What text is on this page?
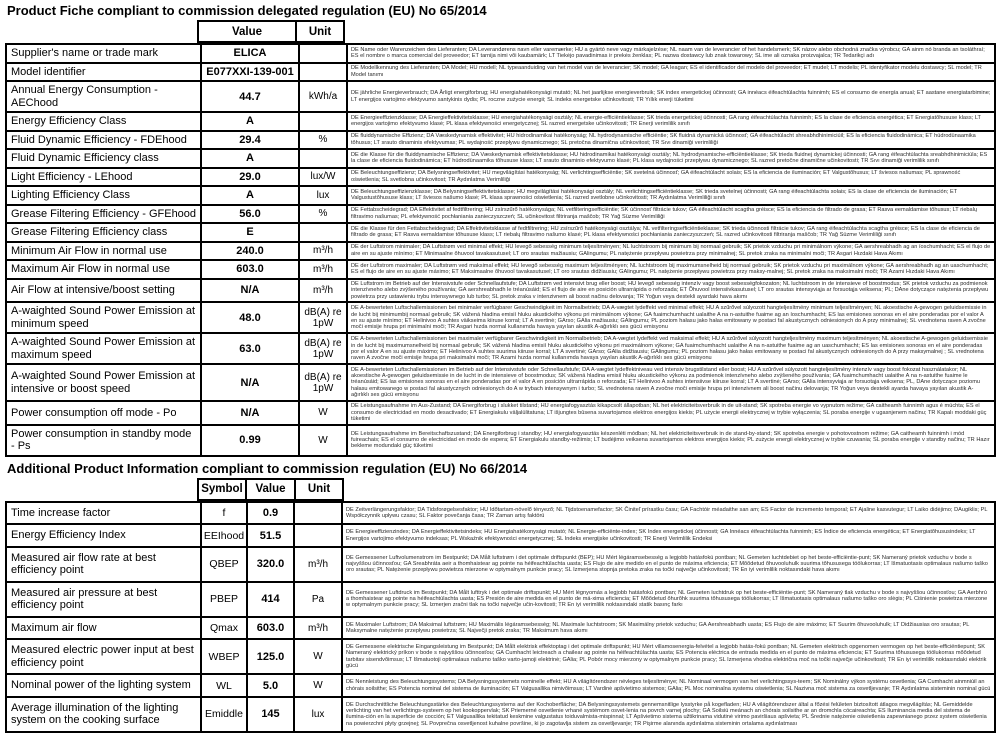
Product Fiche compliant to commission delegated regulation (EU) No 65/2014
Value	Unit
Supplier's name or trade mark	ELICA		DE Name oder Warenzeichen des Lieferanten; DA Leverandørens navn eller varemærke; HU a gyártó neve vagy márkajelzése; NL naam van de leverancier of het handelsmerk; SK názov alebo obchodná značka výrobcu; GA ainm nó branda an tsoláthraí; ES el nombre o marca comercial del proveedor; ET tarnija nimi või kaubamärk; LT Tiekėjo pavadinimas ir prekės ženklas; PL nazwa dostawcy lub znak towarowy; SL ime ali oznaka proizvajalca; TR Tedarikçi adı
Model identifier	E077XXI-139-001		DE Modellkennung des Lieferanten; DA Model; HU modell; NL typeaanduiding van het model van de leverancier; SK model; GA leagan; ES el identificador del modelo del proveedor; ET mudel; LT modelis; PL identyfikator modelu dostawcy; SL model; TR Model tanımı
Annual Energy Consumption - AEChood	44.7	kWh/a	DE jährliche Energieverbrauch; DA Årligt energiforbrug; HU energiahatékonysági mutató; NL het jaarlijkse energieverbruik; SK index energetickej účinnosti; GA innéacs éifeachtúlachta fuinnimh; ES el consumo de energía anual; ET aastane energiatarbimine; LT energijos vartojimo efektyvumo santykinis dydis; PL roczne zużycie energii; SL indeks energetske učinkovitosti; TR Yıllık enerji tüketimi
Energy Efficiency Class	A		DE Energieeffizienzklasse; DA Energieffektivitetsklasse; HU energiahatékonysági osztály; NL energie-efficiëntieklasse; SK trieda energetickej účinnosti; GA rang éifeachtúlachta fuinnimh; ES la clase de eficiencia energética; ET Energiatõhususe klass; LT energijos vartojimo efektyvumo klasė; PL klasa efektywności energetycznej; SL razred energetske učinkovitosti; TR Enerji verimlilik sınıfı
Fluid Dynamic Efficiency - FDEhood	29.4	%	DE fluiddynamische Effizienz; DA Væskedynamisk effektivitet; HU hidrodinamikai hatékonyság; NL hydrodynamische efficiëntie; SK fluidná dynamická účinnosť; GA éifeachtúlacht shreabhdhinimiciúil; ES la eficiencia fluidodinámica; ET hüdrodünaamika tõhusus; LT srauto dinaminis efektyvumas; PL wydajność przepływu dynamicznego; SL pretočna dinamična učinkovitost; TR Sıvı dinamiği verimliliği
Fluid Dynamic Efficiency class	A		DE die Klasse für die fluiddynamische Effizienz; DA Væskedynamisk effektivitetsklasse; HU hidrodinamikai hatékonysági osztály; NL hydrodynamische-efficiëntieklasse; SK trieda fluidnej dynamickej účinnosti; GA rang éifeachtúlachta sreabhdhinimiciúla; ES la clase de eficiencia fluidodinámica; ET hüdrodünaamika tõhususe klass; LT srauto dinaminio efektyvumo klasė; PL klasa wydajności przepływu dynamicznego; SL razred pretočne dinamične učinkovitosti; TR Sıvı dinamiği verimlilik sınıfı
Light Efficiency - LEhood	29.0	lux/W	DE Beleuchtungseffizienz; DA Belysningseffektivitet; HU megvilágítási hatékonyság; NL verlichtingsefficiëntie; SK svetelná účinnosť; GA éifeachtúlacht solais; ES la eficiencia de iluminación; ET Valgustõhusus; LT šviesos našumas; PL sprawność oświetlenia; SL svetlobna učinkovitost; TR Aydınlatma Verimliliği
Lighting Efficiency Class	A	lux	DE Beleuchtungseffizienzklasse; DA Belysningseffektivitetsklasse; HU megvilágítási hatékonysági osztály; NL verlichtingsefficiëntieklasse; SK trieda svetelnej účinnosti; GA rang éifeachtúlachta solais; ES la clase de eficiencia de iluminación; ET Valgustustõhususe klass; LT šviesos našumo klasė; PL klasa sprawności oświetlenia; SL razred svetlobne učinkovitosti; TR Aydınlatma Verimliliği sınıfı
Grease Filtering Efficiency - GFEhood	56.0	%	DE Fettabscheidegrad; DA Effektivitet af fedtfiltrering; HU zsírszűrő hatékonysága; NL vetfilteringsefficiëntie; SK účinnosť filtrácie tukov; GA éifeachtúlacht scagtha gréisce; ES la eficiencia de filtrado de grasa; ET Rasva eemaldamise tõhusus; LT riebalų filtravimo našumas; PL efektywność pochłaniania zanieczyszczeń; SL učinkovitost filtriranja maščob; TR Yağ Süzme Verimliliği
Grease Filtering Efficiency class	E		DE die Klasse für den Fettabscheidegrad; DA Effektivitetsklasse af fedtfiltrering; HU zsírszűrő hatékonysági osztálya; NL vetfilteringsefficiëntieklasse; SK trieda účinnosti filtrácie tukov; GA rang éifeachtúlachta scagtha gréisce; ES la clase de eficiencia de filtrado de grasa; ET Rasva eemaldamise tõhususe klass; LT riebalų filtravimo našumo klasė; PL klasa efektywności pochłaniania zanieczyszczeń; SL razred učinkovitosti filtriranja maščob; TR Yağ Süzme Verimliliği sınıfı
Minimum Air Flow in normal use	240.0	m³/h	DE der Luftstrom minimaler; DA Luftstrøm ved minimal effekt; HU levegő sebesség minimum teljesítményen; NL luchtstroom bij minimum bij normaal gebruik; SK prietok vzduchu pri minimálnom výkone; GA aershreabhadh ag an íoschumhacht; ES el flujo de aire en su ajuste mínimo; ET Minimaalne õhuvool tavakasutusel; LT oro srautas mažiausiu; GAlingumu; PL natężenie przepływu powietrza przy minimalnej; SL pretok zraka na minimalni moči; TR Asgari Hızdaki Hava Akımı
Maximum Air Flow in normal use	603.0	m³/h	DE der Luftstrom maximaler; DA Luftstrøm ved maksimal effekt; HU levegő sebesség maximum teljesítményen; NL luchtstroom bij maximumsnelheid bij normaal gebruik; SK prietok vzduchu pri maximálnom výkone; GA aershreabhadh ag an uaschumhacht; ES el flujo de aire en su ajuste máximo; ET Maksimaalne õhuvool tavakasutusel; LT oro srautas didžiausiu; GAlingumu; PL natężenie przepływu powietrza przy maksy-malnej; SL pretok zraka na maksimalni moči; TR Azami Hızdaki Hava Akımı
Air Flow at intensive/boost setting	N/A	m³/h	DE Luftstrom im Betrieb auf der Intensivstufe oder Schnellaufstufe; DA Luftstrøm ved intensivt brug eller boost; HU levegő sebesség intenzív vagy boost sebességfokozaton; NL luchtstroom in de intensieve of boostmodus; SK prietok vzduchu za podmienok intenzívneho alebo zvýšeného používania; GA aershreabhadh le tréanúsáid; ES el flujo de aire en posición ultrarrápida o reforzada; ET Õhuvool intensiivkasutusel; LT oro srautas intensyviąja ar forsuotąja veiksena; PL; DAne dotyczące natężenia przepływu powietrza przy ustawieniu trybu intensywnego lub turbo; SL pretok zraka v intenzivnem ali boost načinu delovanja; TR Yoğun veya destekli ayardaki hava akımı
A-waighted Sound Power Emission at minimum speed	48.0	dB(A) re 1pW	DE A-bewerteten Luftschallemissionen bei minimaler verfügbarer Geschwindigkeit im Normalbetrieb; DA A-vægtet lydeffekt ved minimal effekt; HU A szűrővel súlyozott hangteljesítmény minimum teljesítményen; NL akoestische A-gewogen geluidsemissie in de lucht bij minimumbij normaal gebruik; SK vážená hladina emisií hluku akustického výkonu pri minimálnom výkone; GA fuaimchumhacht ualaithe A na n-astuithe fuaime ag an íoschumhacht; ES las emisiones sonoras en el aire ponderadas por el valor A en su ajuste mínimo; ET Helinivoo A suhtes väikseima kiiruse korral; LT A svertinė; GArso; GAlia mažiausiu; GAlingumu; PL poziom hałasu jako hałas emitowany w postaci fal akustycznych odniesionych do A przy minimalnej; SL vrednotena raven A zvočne moči emisije hrupa pri minimalni moči; TR Asgari hızda normal kullanımda havaya yayılan akustik A-ağırlıklı ses gücü emisyonu
A-waighted Sound Power Emission at maximum speed	63.0	dB(A) re 1pW	DE A-bewerteten Luftschallemissionen bei maximaler verfügbarer Geschwindigkeit im Normalbetrieb; DA A-vægtet lydeffekt ved maksimal effekt; HU A szűrővel súlyozott hangteljesítmény maximum teljesítményen; NL akoestische A-gewogen geluidsemissie in de lucht bij maximumsnelheid bij normaal gebruik; SK vážená hladina emisií hluku akustického výkonu pri maximálnom výkone; GA fuaimchumhacht ualaithe A na n-astuithe fuaime ag an uaschumhacht; ES las emisiones sonoras en el aire ponderadas por el valor A en su ajuste máximo; ET Helinivoo A suhtes suurima kiiruse korral; LT A svertinė; GArso; GAlia didžiausiu; GAlingumu; PL poziom hałasu jako hałas emitowany w postaci fal akustycznych odniesionych do A przy maksymalnej ; SL vrednotena raven A zvočne moči emisije hrupa pri maksimalni moči; TR Azami hızda normal kullanımda havaya yayılan akustik A-ağırlıklı ses gücü emisyonu
A-waighted Sound Power Emission at intensive or boost speed	N/A	dB(A) re 1pW	DE A-bewerteten Luftschallemissionen im Betrieb auf der Intensivstufe oder Schnellaufstufe; DA A-vægtet lydeffektniveau ved intensiv brugstilstand eller boost; HU A szűrővel súlyozott hangteljesítmény intenzív vagy boost fokozat használatakor; NL akoestische A-gewogen geluidsemissie in de lucht in de intensieve of boostmodus; SK vážená hladina emisií hluku akustického výkonu za podmienok intenzívneho alebo zvýšeného používania; GA fuaimchumhacht ualaithe A na n-astuithe fuaime le tréanúsáid; ES las emisiones sonoras en el aire ponderadas por el valor A en posición ultrarrápida o reforzada; ET Helinivoo A suhtes intensiivse kiiruse korral; LT A svertinė; GArso; GAlia intensyviąja ar forsuotąja veiksena; PL, DAne dotyczące poziomu hałasu emitowanego w postaci fal akustycznych odniesionych do A w trybach intensywnym i turbo; SL vrednotena raven A zvočne moči emisije hrupa pri intenzivnem ali boost načinu delovanja; TR Yoğun veya destekli ayarda havaya yayılan akustik A-ağırlıklı ses gücü emisyonu
Power consumption off mode - Po	N/A	W	DE Leistungsaufnahme im Aus-Zustand; DA Energiforbrug i slukket tilstand; HU energiafogyasztás kikapcsolt állapotban; NL het elektriciteitsverbruik in de uit-stand; SK spotreba energie vo vypnutom režime; GA caitheamh fuinnimh agus é múchta; ES el consumo de electricidad en modo desactivado; ET Energiakulu väljalülitatuna; LT išjungtes būsena suvartojamos elektros energijos kiekis; PL użycie energii elektrycznej w trybie wyłączenia; SL poraba energije v ugasnjenem načinu; TR Kapalı moddaki güç tüketimi
Power consumption in standby mode - Ps	0.99	W	DE Leistungsaufnahme im Bereitschaftszustand; DA Energiforbrug i standby; HU energiafogyasztás készenléti módban; NL het elektriciteitsverbruik in de stand-by-stand; SK spotreba energie v pohotovostnom režime; GA caitheamh fuinnimh i mód fuireachais; ES el consumo de electricidad en modo de espera; ET Energiakulu standby-režiimis; LT budėjimo veiksena suvartojamos elektros energijos kiekis; PL zużycie energii elektrycznej w trybie czuwania; SL poraba energije v standby načinu; TR Hazır bekleme modundaki güç tüketimi
Additional Product Information compliant to commission regulation (EU) No 66/2014
Symbol	Value	Unit
Time increase factor	f	0.9		DE Zeitverlängerungsfaktor; DA Tidsforøgelsesfaktor; HU Időtartam-növelő tényező; NL Tijdstoenamefactor; SK Činiteľ prírastku času; GA Fachtóir méadaithe san am; ES Factor de incremento temporal; ET Ajaline kasvutegur; LT Laiko didėjimo; DAugiklis; PL Współczynnik upływu czasu; SL Faktor povečanja časa; TR Zaman artış faktörü
Energy Efficiency Index	EEIhood	51.5		DE Energieeffizienzindex; DA Energieffektivitetsindeks; HU Energiahatékonysági mutató; NL Energie-efficiënte-index; SK Index energetickej účinnosti; GA Innéacs éifeachtúlachta fuinnimh; ES Índice de eficiencia energética; ET Energiatõhususindeks; LT Energijos vartojimo efektyvumo indeksas; PL Wskaźnik efektywności energetycznej; SL Indeks energijske učinkovitosti; TR Enerji Verimlilik Endeksi
Measured air flow rate at best efficiency point	QBEP	320.0	m³/h	DE Gemessener Luftvolumenstrom im Bestpunkt; DA Målt luftstrøm i det optimale driftspunkt (BEP); HU Mért légáramsebesség a legjobb hatásfokú pontban; NL Gemeten luchtdebiet op het beste-efficiëntie-punt; SK Nameraný prietok vzduchu v bode s najvyššou účinnosťou; GA Sreabhráta aeir a thomhaistear ag pointe na héifeachtúlachta uasta; ES Flujo de aire medido en el punto de máxima eficiencia; ET Mõõdetud õhuvooluhulk suurima tõhususega töölukorras; LT Išmatuotasis optimalaus našumo taško oro srautas; PL Natężenie przepływu powietrza mierzone w optymalnym punkcie pracy; SL Izmerjena stopnja pretoka zraka na točki največje učinkovitosti; TR En iyi verimlilik noktasındaki hava akımı
Measured air pressure at best efficiency point	PBEP	414	Pa	DE Gemessener Luftdruck im Bestpunkt; DA Målt lufttryk i det optimale driftspunkt; HU Mért légnyomás a legjobb hatásfokú pontban; NL Gemeten luchtdruk op het beste-efficiëntie-punt; SK Nameraný tlak vzduchu v bode s najvyššou účinnosťou; GA Aerbhrú a thomhaistear ag pointe na héifeachtúlachta uasta; ES Presión de aire medida en el punto de má-xima eficiencia; ET Mõõdetud õhurõhk suurima tõhususega töölukorras; LT Išmatuotasis optimalaus našumo taško oro slėgis; PL Ciśnienie powietrza mierzone w optymalnym punkcie pracy; SL Izmerjen zračni tlak na točki največje učin-kovitosti; TR En iyi verimlilik noktasındaki statik basınç farkı
Maximum air flow	Qmax	603.0	m³/h	DE Maximaler Luftstrom; DA Maksimal luftstrøm; HU Maximális légáramsebesség; NL Maximale luchtstroom; SK Maximálny prietok vzduchu; GA Aershreabhadh uasta; ES Flujo de aire máximo; ET Suurim õhuvooluhulk; LT Didžiausias oro srautas; PL Maksymalne natężenie przepływu powietrza; SL Največji pretok zraka; TR Maksimum hava akımı
Measured electric power input at best efficiency point	WBEP	125.0	W	DE Gemessene elektrische Eingangsleistung im Bestpunkt; DA Målt elektrisk effektoptag i det optimale driftspunkt; HU Mért villamosenergia-felvétel a legjobb hatás-fokú pontban; NL Gemeten elektrisch opgenomen vermogen op het beste-efficiëntiepunt; SK Nameraný elektrický príkon v bode s najvyššou účinnosťou; GA Cumhacht leictreach a chailear ag pointe na héifeachtúlachta uasta; ES Potencia eléctrica de entrada medida en el punto de máxima eficiencia; ET Suurima tõhususega töölukorras mõõdetud tarbitav sisendvõimsus; LT Išmatuotoji optimalaus našumo taško varto-jamoji elektrinė; GAlia; PL Pobór mocy mierzony w optymalnym punkcie pracy; SL Izmerjena vhodna električna moč na točki največje učinkovitosti; TR En iyi verimlilik noktasındaki elektrik gücü
Nominal power of the lighting system	WL	5.0	W	DE Nennleistung des Beleuchtungssystems; DA Belysningssystemets nominelle effekt; HU A világítórendszer névleges teljesítménye; NL Nominaal vermogen van het verlichtingssys-teem; SK Nominálny výkon systému osvetlenia; GA Cumhacht ainmniúil an chórais soilsithe; ES Potencia nominal del sistema de iluminación; ET Valgusallika nimivõimsus; LT Vardinė apšvietimo sistemos; GAlia; PL Moc nominalna systemu oświetlenia; SL Nazivna moč sistema za osvetljevanje; TR Aydınlatma sisteminin nominal gücü
Average illumination of the lighting system on the cooking surface	Emiddle	145	lux	DE Durchschnittliche Beleuchtungsstärke des Beleuchtungssystems auf der Kochoberfläche; DA Belysningssystemets gennemsnitlige lysstyrke på kogefladen; HU A világítórendszer által a főzési felületen biztosított átlagos megvilágítás; NL Gemiddelde verlichting van het verlichtings-systeem op het kookoppervlak; SK Priemerné osvetlenie vrhané systémom osvet-lenia na povrch varnej plochy; GA Soilsiú meánach an chórais soilsithe ar an dromchla cócaireachta; ES Iluminancia media del sistema de ilumina-ción en la superficie de cocción; ET Valgusallika tekitatud keskmine valgustatus toiduvalmista-mispinnal; LT Apšvietimo sistema užtikrinama vidutinė virimo paviršiaus apšvieta; PL Średnie natężenie oświetlenia zapewnianego przez system oświetlenia na powierzchni płyty grzejnej; SL Povprečna osvetljenost kuhalne površine, ki jo zagotavlja sistem za osvetljevanje; TR Pişirme alanında aydınlatma sisteminin ortalama aydınlatması
